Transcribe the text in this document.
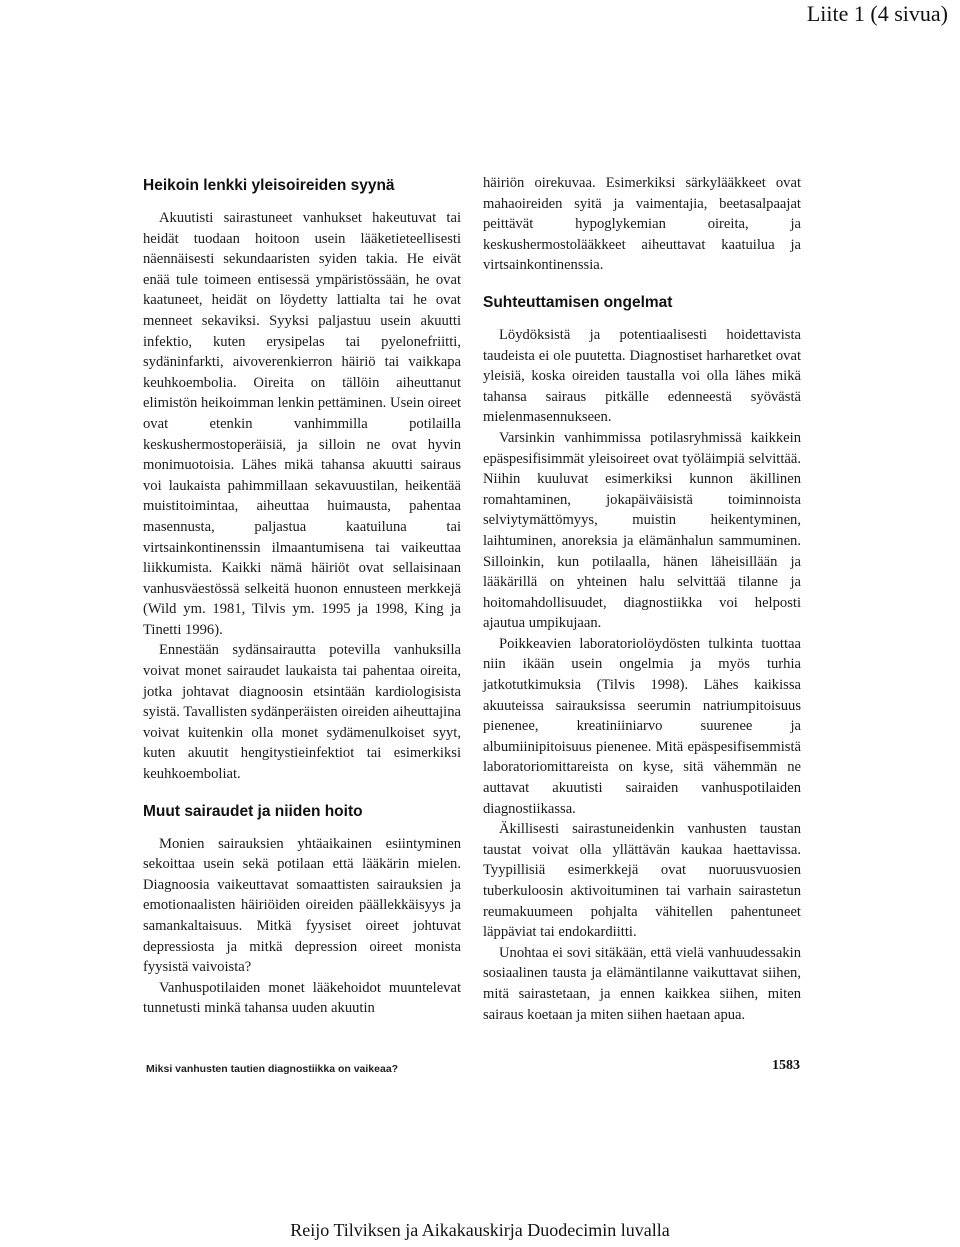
Liite 1 (4 sivua)
Heikoin lenkki yleisoireiden syynä

Akuutisti sairastuneet vanhukset hakeutuvat tai heidät tuodaan hoitoon usein lääketieteellisesti näennäisesti sekundaaristen syiden takia. He eivät enää tule toimeen entisessä ympäristössään, he ovat kaatuneet, heidät on löydetty lattialta tai he ovat menneet sekaviksi. Syyksi paljastuu usein akuutti infektio, kuten erysipelas tai pyelonefriitti, sydäninfarkti, aivoverenkierron häiriö tai vaikkapa keuhkoembolia. Oireita on tällöin aiheuttanut elimistön heikoimman lenkin pettäminen. Usein oireet ovat etenkin vanhimmilla potilailla keskushermostoperäisiä, ja silloin ne ovat hyvin monimuotoisia. Lähes mikä tahansa akuutti sairaus voi laukaista pahimmillaan sekavuustilan, heikentää muistitoimintaa, aiheuttaa huimausta, pahentaa masennusta, paljastua kaatuiluna tai virtsainkontinenssin ilmaantumisena tai vaikeuttaa liikkumista. Kaikki nämä häiriöt ovat sellaisinaan vanhusväestössä selkeitä huonon ennusteen merkkejä (Wild ym. 1981, Tilvis ym. 1995 ja 1998, King ja Tinetti 1996).

Ennestään sydänsairautta potevilla vanhuksilla voivat monet sairaudet laukaista tai pahentaa oireita, jotka johtavat diagnoosin etsintään kardiologisista syistä. Tavallisten sydänperäisten oireiden aiheuttajina voivat kuitenkin olla monet sydämenulkoiset syyt, kuten akuutit hengitystieinfektiot tai esimerkiksi keuhkoemboliat.

Muut sairaudet ja niiden hoito

Monien sairauksien yhtäaikainen esiintyminen sekoittaa usein sekä potilaan että lääkärin mielen. Diagnoosia vaikeuttavat somaattisten sairauksien ja emotionaalisten häiriöiden oireiden päällekkäisyys ja samankaltaisuus. Mitkä fyysiset oireet johtuvat depressiosta ja mitkä depression oireet monista fyysistä vaivoista?

Vanhuspotilaiden monet lääkehoidot muuntelevat tunnetusti minkä tahansa uuden akuutin

häiriön oirekuvaa. Esimerkiksi särkylääkkeet ovat mahaoireiden syitä ja vaimentajia, beetasalpaajat peittävät hypoglykemian oireita, ja keskushermostolääkkeet aiheuttavat kaatuilua ja virtsainkontinenssia.

Suhteuttamisen ongelmat

Löydöksistä ja potentiaalisesti hoidettavista taudeista ei ole puutetta. Diagnostiset harharetket ovat yleisiä, koska oireiden taustalla voi olla lähes mikä tahansa sairaus pitkälle edenneestä syövästä mielenmasennukseen.

Varsinkin vanhimmissa potilasryhmissä kaikkein epäspesifisimmät yleisoireet ovat työläimpiä selvittää. Niihin kuuluvat esimerkiksi kunnon äkillinen romahtaminen, jokapäiväisistä toiminnoista selviytymättömyys, muistin heikentyminen, laihtuminen, anoreksia ja elämänhalun sammuminen. Silloinkin, kun potilaalla, hänen läheisillään ja lääkärillä on yhteinen halu selvittää tilanne ja hoitomahdollisuudet, diagnostiikka voi helposti ajautua umpikujaan.

Poikkeavien laboratoriolöydösten tulkinta tuottaa niin ikään usein ongelmia ja myös turhia jatkotutkimuksia (Tilvis 1998). Lähes kaikissa akuuteissa sairauksissa seerumin natriumpitoisuus pienenee, kreatiniiniarvo suurenee ja albumiinipitoisuus pienenee. Mitä epäspesifisemmistä laboratoriomittareista on kyse, sitä vähemmän ne auttavat akuutisti sairaiden vanhuspotilaiden diagnostiikassa.

Äkillisesti sairastuneidenkin vanhusten taustan taustat voivat olla yllättävän kaukaa haettavissa. Tyypillisiä esimerkkejä ovat nuoruusvuosien tuberkuloosin aktivoituminen tai varhain sairastetun reumakuumeen pohjalta vähitellen pahentuneet läppäviat tai endokardiitti.

Unohtaa ei sovi sitäkään, että vielä vanhuudessakin sosiaalinen tausta ja elämäntilanne vaikuttavat siihen, mitä sairastetaan, ja ennen kaikkea siihen, miten sairaus koetaan ja miten siihen haetaan apua.

Miksi vanhusten tautien diagnostiikka on vaikeaa?	1583
Reijo Tilviksen ja Aikakauskirja Duodecimin luvalla
